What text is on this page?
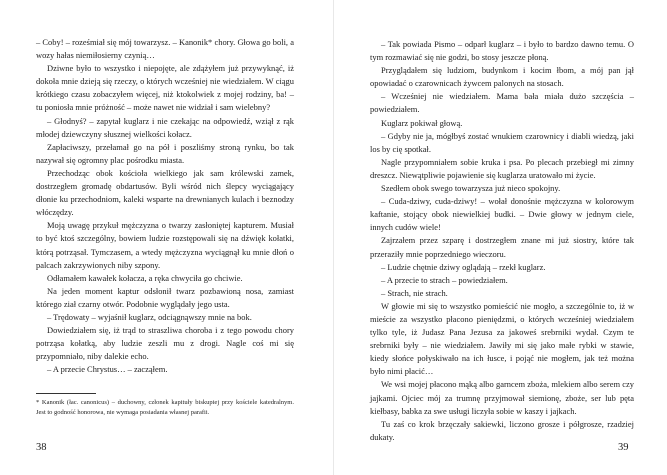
– Coby! – roześmiał się mój towarzysz. – Kanonik* chory. Głowa go boli, a wozy hałas niemiłosierny czynią…

Dziwne było to wszystko i niepojęte, ale zdążyłem już przywyknąć, iż dokoła mnie dzieją się rzeczy, o których wcześniej nie wiedziałem. W ciągu krótkiego czasu zobaczyłem więcej, niż ktokolwiek z mojej rodziny, ba! – tu poniosła mnie próżność – może nawet nie widział i sam wielebny?

– Głodnyś? – zapytał kuglarz i nie czekając na odpowiedź, wziął z rąk młodej dziewczyny słusznej wielkości kołacz.

Zapłaciwszy, przełamał go na pół i poszliśmy stroną rynku, bo tak nazywał się ogromny plac pośrodku miasta.

Przechodząc obok kościoła wielkiego jak sam królewski zamek, dostrzegłem gromadę obdartusów. Byli wśród nich ślepcy wyciągający dłonie ku przechodniom, kaleki wsparte na drewnianych kulach i beznodzy włóczędzy.

Moją uwagę przykuł mężczyzna o twarzy zasłoniętej kapturem. Musiał to być ktoś szczególny, bowiem ludzie rozstępowali się na dźwięk kołatki, którą potrząsał. Tymczasem, a wtedy mężczyzna wyciągnął ku mnie dłoń o palcach zakrzywionych niby szpony.

Odłamałem kawałek kołacza, a ręka chwyciła go chciwie.

Na jeden moment kaptur odsłonił twarz pozbawioną nosa, zamiast którego ział czarny otwór. Podobnie wyglądały jego usta.

– Trędowaty – wyjaśnił kuglarz, odciągnąwszy mnie na bok.

Dowiedziałem się, iż trąd to straszliwa choroba i z tego powodu chory potrząsa kołatką, aby ludzie zeszli mu z drogi. Nagle coś mi się przypomniało, niby dalekie echo.

– A przecie Chrystus… – zacząłem.

* Kanonik (łac. canonicus) – duchowny, członek kapituły biskupiej przy kościele katedralnym. Jest to godność honorowa, nie wymaga posiadania własnej parafii.

38

– Tak powiada Pismo – odparł kuglarz – i było to bardzo dawno temu. O tym rozmawiać się nie godzi, bo stosy jeszcze płoną.

Przyglądałem się ludziom, budynkom i kocim łbom, a mój pan jął opowiadać o czarownicach żywcem palonych na stosach.

– Wcześniej nie wiedziałem. Mama bała miała dużo szczęścia – powiedziałem.

Kuglarz pokiwał głową.

– Gdyby nie ja, mógłbyś zostać wnukiem czarownicy i diabli wiedzą, jaki los by cię spotkał.

Nagle przypomniałem sobie kruka i psa. Po plecach przebiegł mi zimny dreszcz. Niewątpliwie pojawienie się kuglarza uratowało mi życie.

Szedłem obok swego towarzysza już nieco spokojny.

– Cuda-dziwy, cuda-dziwy! – wołał donośnie mężczyzna w kolorowym kaftanie, stojący obok niewielkiej budki. – Dwie głowy w jednym ciele, innych cudów wiele!

Zajrzałem przez szparę i dostrzegłem znane mi już siostry, które tak przeraziły mnie poprzedniego wieczoru.

– Ludzie chętnie dziwy oglądają – rzekł kuglarz.

– A przecie to strach – powiedziałem.

– Strach, nie strach.

W głowie mi się to wszystko pomieścić nie mogło, a szczególnie to, iż w mieście za wszystko płacono pieniędzmi, o których wcześniej wiedziałem tylko tyle, iż Judasz Pana Jezusa za jakoweś srebrniki wydał. Czym te srebrniki były – nie wiedziałem. Jawiły mi się jako małe rybki w stawie, kiedy słońce połyskiwało na ich łusce, i pojąć nie mogłem, jak też można było nimi płacić…

We wsi mojej płacono mąką albo garncem zboża, mlekiem albo serem czy jajkami. Ojciec mój za trumnę przyjmował siemionę, zboże, ser lub pęta kiełbasy, babka za swe usługi liczyła sobie w kaszy i jajkach.

Tu zaś co krok brzęczały sakiewki, liczono grosze i półgrosze, rzadziej dukaty.

39
